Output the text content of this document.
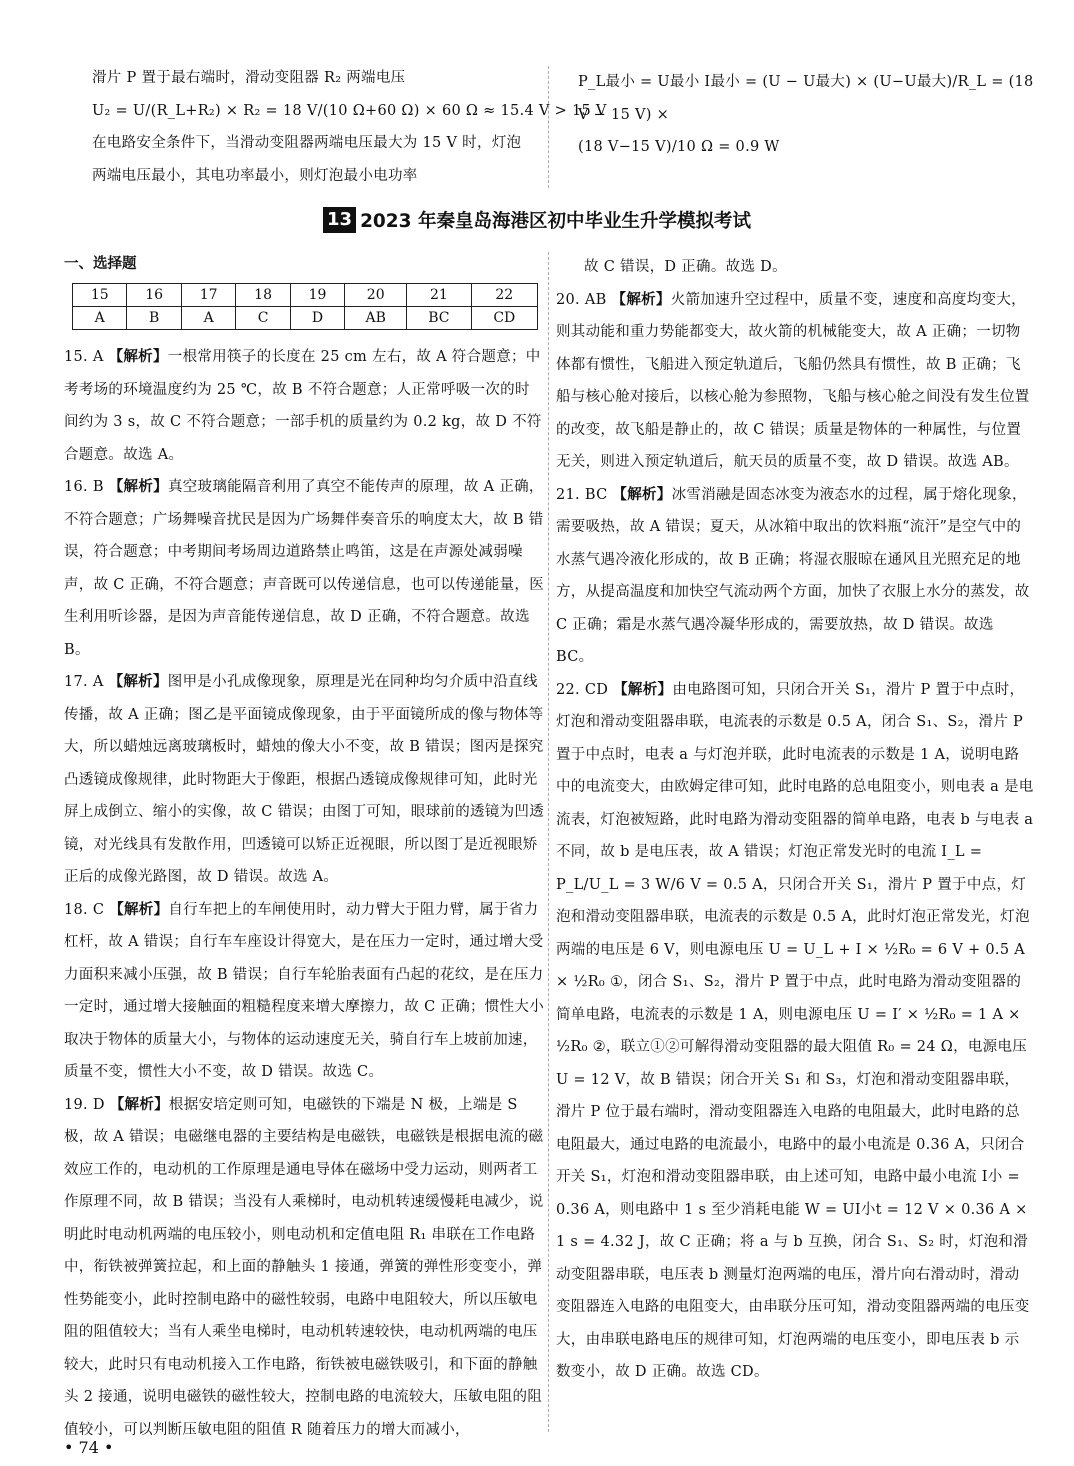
滑片 P 置于最右端时，滑动变阻器 R₂ 两端电压

U₂ = U/(R_L+R₂) × R₂ = 18 V/(10 Ω+60 Ω) × 60 Ω ≈ 15.4 V > 15 V

在电路安全条件下，当滑动变阻器两端电压最大为 15 V 时，灯泡

两端电压最小，其电功率最小，则灯泡最小电功率

P_L最小 = U最小 I最小 = (U − U最大) × (U−U最大)/R_L = (18 V − 15 V) ×

(18 V−15 V)/10 Ω = 0.9 W

13 2023 年秦皇岛海港区初中毕业生升学模拟考试
一、选择题
15	16	17	18	19	20	21	22
A	B	A	C	D	AB	BC	CD

15. A 【解析】一根常用筷子的长度在 25 cm 左右，故 A 符合题意；中考考场的环境温度约为 25 ℃，故 B 不符合题意；人正常呼吸一次的时间约为 3 s，故 C 不符合题意；一部手机的质量约为 0.2 kg，故 D 不符合题意。故选 A。

16. B 【解析】真空玻璃能隔音利用了真空不能传声的原理，故 A 正确，不符合题意；广场舞噪音扰民是因为广场舞伴奏音乐的响度太大，故 B 错误，符合题意；中考期间考场周边道路禁止鸣笛，这是在声源处减弱噪声，故 C 正确，不符合题意；声音既可以传递信息，也可以传递能量，医生利用听诊器，是因为声音能传递信息，故 D 正确，不符合题意。故选 B。

17. A 【解析】图甲是小孔成像现象，原理是光在同种均匀介质中沿直线传播，故 A 正确；图乙是平面镜成像现象，由于平面镜所成的像与物体等大，所以蜡烛远离玻璃板时，蜡烛的像大小不变，故 B 错误；图丙是探究凸透镜成像规律，此时物距大于像距，根据凸透镜成像规律可知，此时光屏上成倒立、缩小的实像，故 C 错误；由图丁可知，眼球前的透镜为凹透镜，对光线具有发散作用，凹透镜可以矫正近视眼，所以图丁是近视眼矫正后的成像光路图，故 D 错误。故选 A。

18. C 【解析】自行车把上的车闸使用时，动力臂大于阻力臂，属于省力杠杆，故 A 错误；自行车车座设计得宽大，是在压力一定时，通过增大受力面积来减小压强，故 B 错误；自行车轮胎表面有凸起的花纹，是在压力一定时，通过增大接触面的粗糙程度来增大摩擦力，故 C 正确；惯性大小取决于物体的质量大小，与物体的运动速度无关，骑自行车上坡前加速，质量不变，惯性大小不变，故 D 错误。故选 C。

19. D 【解析】根据安培定则可知，电磁铁的下端是 N 极，上端是 S 极，故 A 错误；电磁继电器的主要结构是电磁铁，电磁铁是根据电流的磁效应工作的，电动机的工作原理是通电导体在磁场中受力运动，则两者工作原理不同，故 B 错误；当没有人乘梯时，电动机转速缓慢耗电减少，说明此时电动机两端的电压较小，则电动机和定值电阻 R₁ 串联在工作电路中，衔铁被弹簧拉起，和上面的静触头 1 接通，弹簧的弹性形变变小，弹性势能变小，此时控制电路中的磁性较弱，电路中电阻较大，所以压敏电阻的阻值较大；当有人乘坐电梯时，电动机转速较快，电动机两端的电压较大，此时只有电动机接入工作电路，衔铁被电磁铁吸引，和下面的静触头 2 接通，说明电磁铁的磁性较大，控制电路的电流较大，压敏电阻的阻值较小，可以判断压敏电阻的阻值 R 随着压力的增大而减小，

故 C 错误，D 正确。故选 D。

20. AB 【解析】火箭加速升空过程中，质量不变，速度和高度均变大，则其动能和重力势能都变大，故火箭的机械能变大，故 A 正确；一切物体都有惯性，飞船进入预定轨道后，飞船仍然具有惯性，故 B 正确；飞船与核心舱对接后，以核心舱为参照物，飞船与核心舱之间没有发生位置的改变，故飞船是静止的，故 C 错误；质量是物体的一种属性，与位置无关，则进入预定轨道后，航天员的质量不变，故 D 错误。故选 AB。

21. BC 【解析】冰雪消融是固态冰变为液态水的过程，属于熔化现象，需要吸热，故 A 错误；夏天，从冰箱中取出的饮料瓶“流汗”是空气中的水蒸气遇冷液化形成的，故 B 正确；将湿衣服晾在通风且光照充足的地方，从提高温度和加快空气流动两个方面，加快了衣服上水分的蒸发，故 C 正确；霜是水蒸气遇冷凝华形成的，需要放热，故 D 错误。故选 BC。

22. CD 【解析】由电路图可知，只闭合开关 S₁，滑片 P 置于中点时，灯泡和滑动变阻器串联，电流表的示数是 0.5 A，闭合 S₁、S₂，滑片 P 置于中点时，电表 a 与灯泡并联，此时电流表的示数是 1 A，说明电路中的电流变大，由欧姆定律可知，此时电路的总电阻变小，则电表 a 是电流表，灯泡被短路，此时电路为滑动变阻器的简单电路，电表 b 与电表 a 不同，故 b 是电压表，故 A 错误；灯泡正常发光时的电流 I_L = P_L/U_L = 3 W/6 V = 0.5 A，只闭合开关 S₁，滑片 P 置于中点，灯泡和滑动变阻器串联，电流表的示数是 0.5 A，此时灯泡正常发光，灯泡两端的电压是 6 V，则电源电压 U = U_L + I × ½R₀ = 6 V + 0.5 A × ½R₀ ①，闭合 S₁、S₂，滑片 P 置于中点，此时电路为滑动变阻器的简单电路，电流表的示数是 1 A，则电源电压 U = I′ × ½R₀ = 1 A × ½R₀ ②，联立①②可解得滑动变阻器的最大阻值 R₀ = 24 Ω，电源电压 U = 12 V，故 B 错误；闭合开关 S₁ 和 S₃，灯泡和滑动变阻器串联，滑片 P 位于最右端时，滑动变阻器连入电路的电阻最大，此时电路的总电阻最大，通过电路的电流最小，电路中的最小电流是 0.36 A，只闭合开关 S₁，灯泡和滑动变阻器串联，由上述可知，电路中最小电流 I小 = 0.36 A，则电路中 1 s 至少消耗电能 W = UI小t = 12 V × 0.36 A × 1 s = 4.32 J，故 C 正确；将 a 与 b 互换，闭合 S₁、S₂ 时，灯泡和滑动变阻器串联，电压表 b 测量灯泡两端的电压，滑片向右滑动时，滑动变阻器连入电路的电阻变大，由串联分压可知，滑动变阻器两端的电压变大，由串联电路电压的规律可知，灯泡两端的电压变小，即电压表 b 示数变小，故 D 正确。故选 CD。

• 74 •
